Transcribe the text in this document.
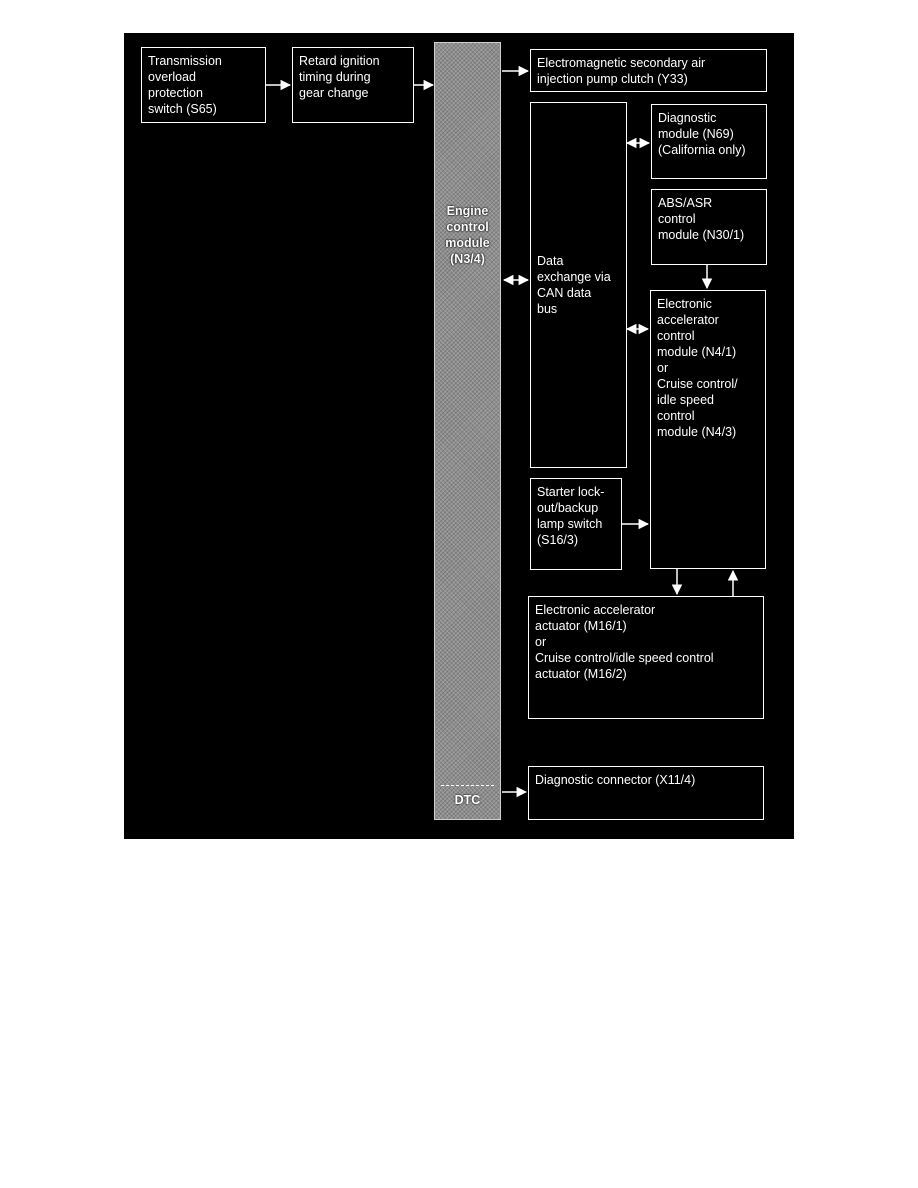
Engine
control
module
(N3/4)
DTC
Transmission
overload
protection
switch (S65)
Retard ignition
timing during
gear change
Electromagnetic secondary air
injection pump clutch (Y33)
Diagnostic
module (N69)
(California only)
ABS/ASR
control
module (N30/1)
Data
exchange via
CAN data
bus	Electronic
accelerator
control
module (N4/1)
or
Cruise control/
idle speed
control
module (N4/3)
Starter lock-
out/backup
lamp switch
(S16/3)
Electronic accelerator
actuator (M16/1)
or
Cruise control/idle speed control
actuator (M16/2)
Diagnostic connector (X11/4)
